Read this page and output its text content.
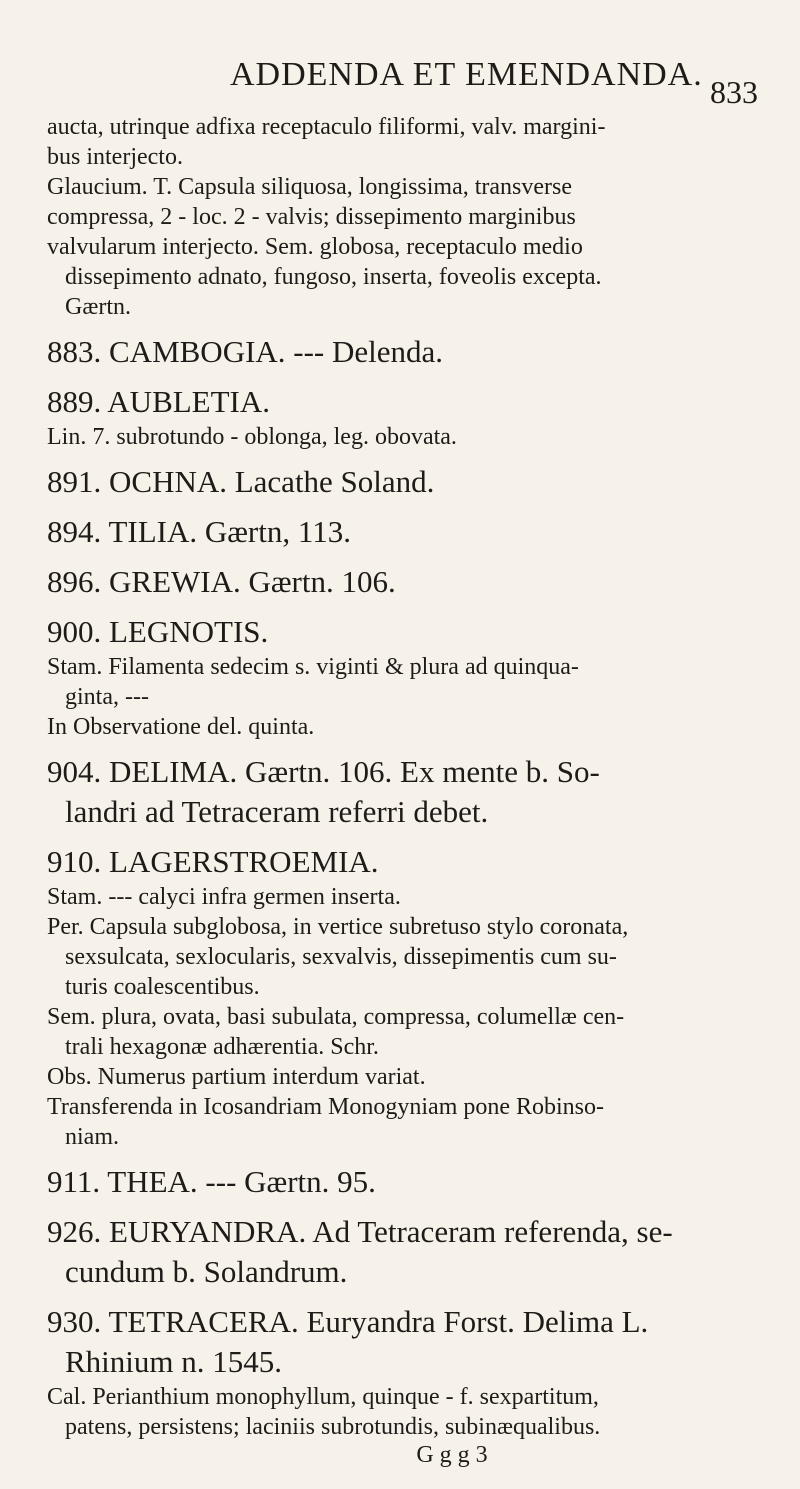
ADDENDA ET EMENDANDA. 833

aucta, utrinque adfixa receptaculo filiformi, valv. margini-

bus interjecto.

Glaucium. T. Capsula siliquosa, longissima, transverse

compressa, 2 - loc. 2 - valvis; dissepimento marginibus

valvularum interjecto. Sem. globosa, receptaculo medio

dissepimento adnato, fungoso, inserta, foveolis excepta.

Gærtn.

883. CAMBOGIA. --- Delenda.
889. AUBLETIA.

Lin. 7. subrotundo - oblonga, leg. obovata.

891. OCHNA. Lacathe Soland.
894. TILIA. Gærtn, 113.
896. GREWIA. Gærtn. 106.
900. LEGNOTIS.

Stam. Filamenta sedecim s. viginti & plura ad quinqua-

ginta, ---

In Observatione del. quinta.

904. DELIMA. Gærtn. 106. Ex mente b. So-
landri ad Tetraceram referri debet.
910. LAGERSTROEMIA.

Stam. --- calyci infra germen inserta.

Per. Capsula subglobosa, in vertice subretuso stylo coronata,

sexsulcata, sexlocularis, sexvalvis, dissepimentis cum su-

turis coalescentibus.

Sem. plura, ovata, basi subulata, compressa, columellæ cen-

trali hexagonæ adhærentia. Schr.

Obs. Numerus partium interdum variat.

Transferenda in Icosandriam Monogyniam pone Robinso-

niam.

911. THEA. --- Gærtn. 95.
926. EURYANDRA. Ad Tetraceram referenda, se-
cundum b. Solandrum.
930. TETRACERA. Euryandra Forst. Delima L.
Rhinium n. 1545.

Cal. Perianthium monophyllum, quinque - f. sexpartitum,

patens, persistens; laciniis subrotundis, subinæqualibus.

G g g 3
